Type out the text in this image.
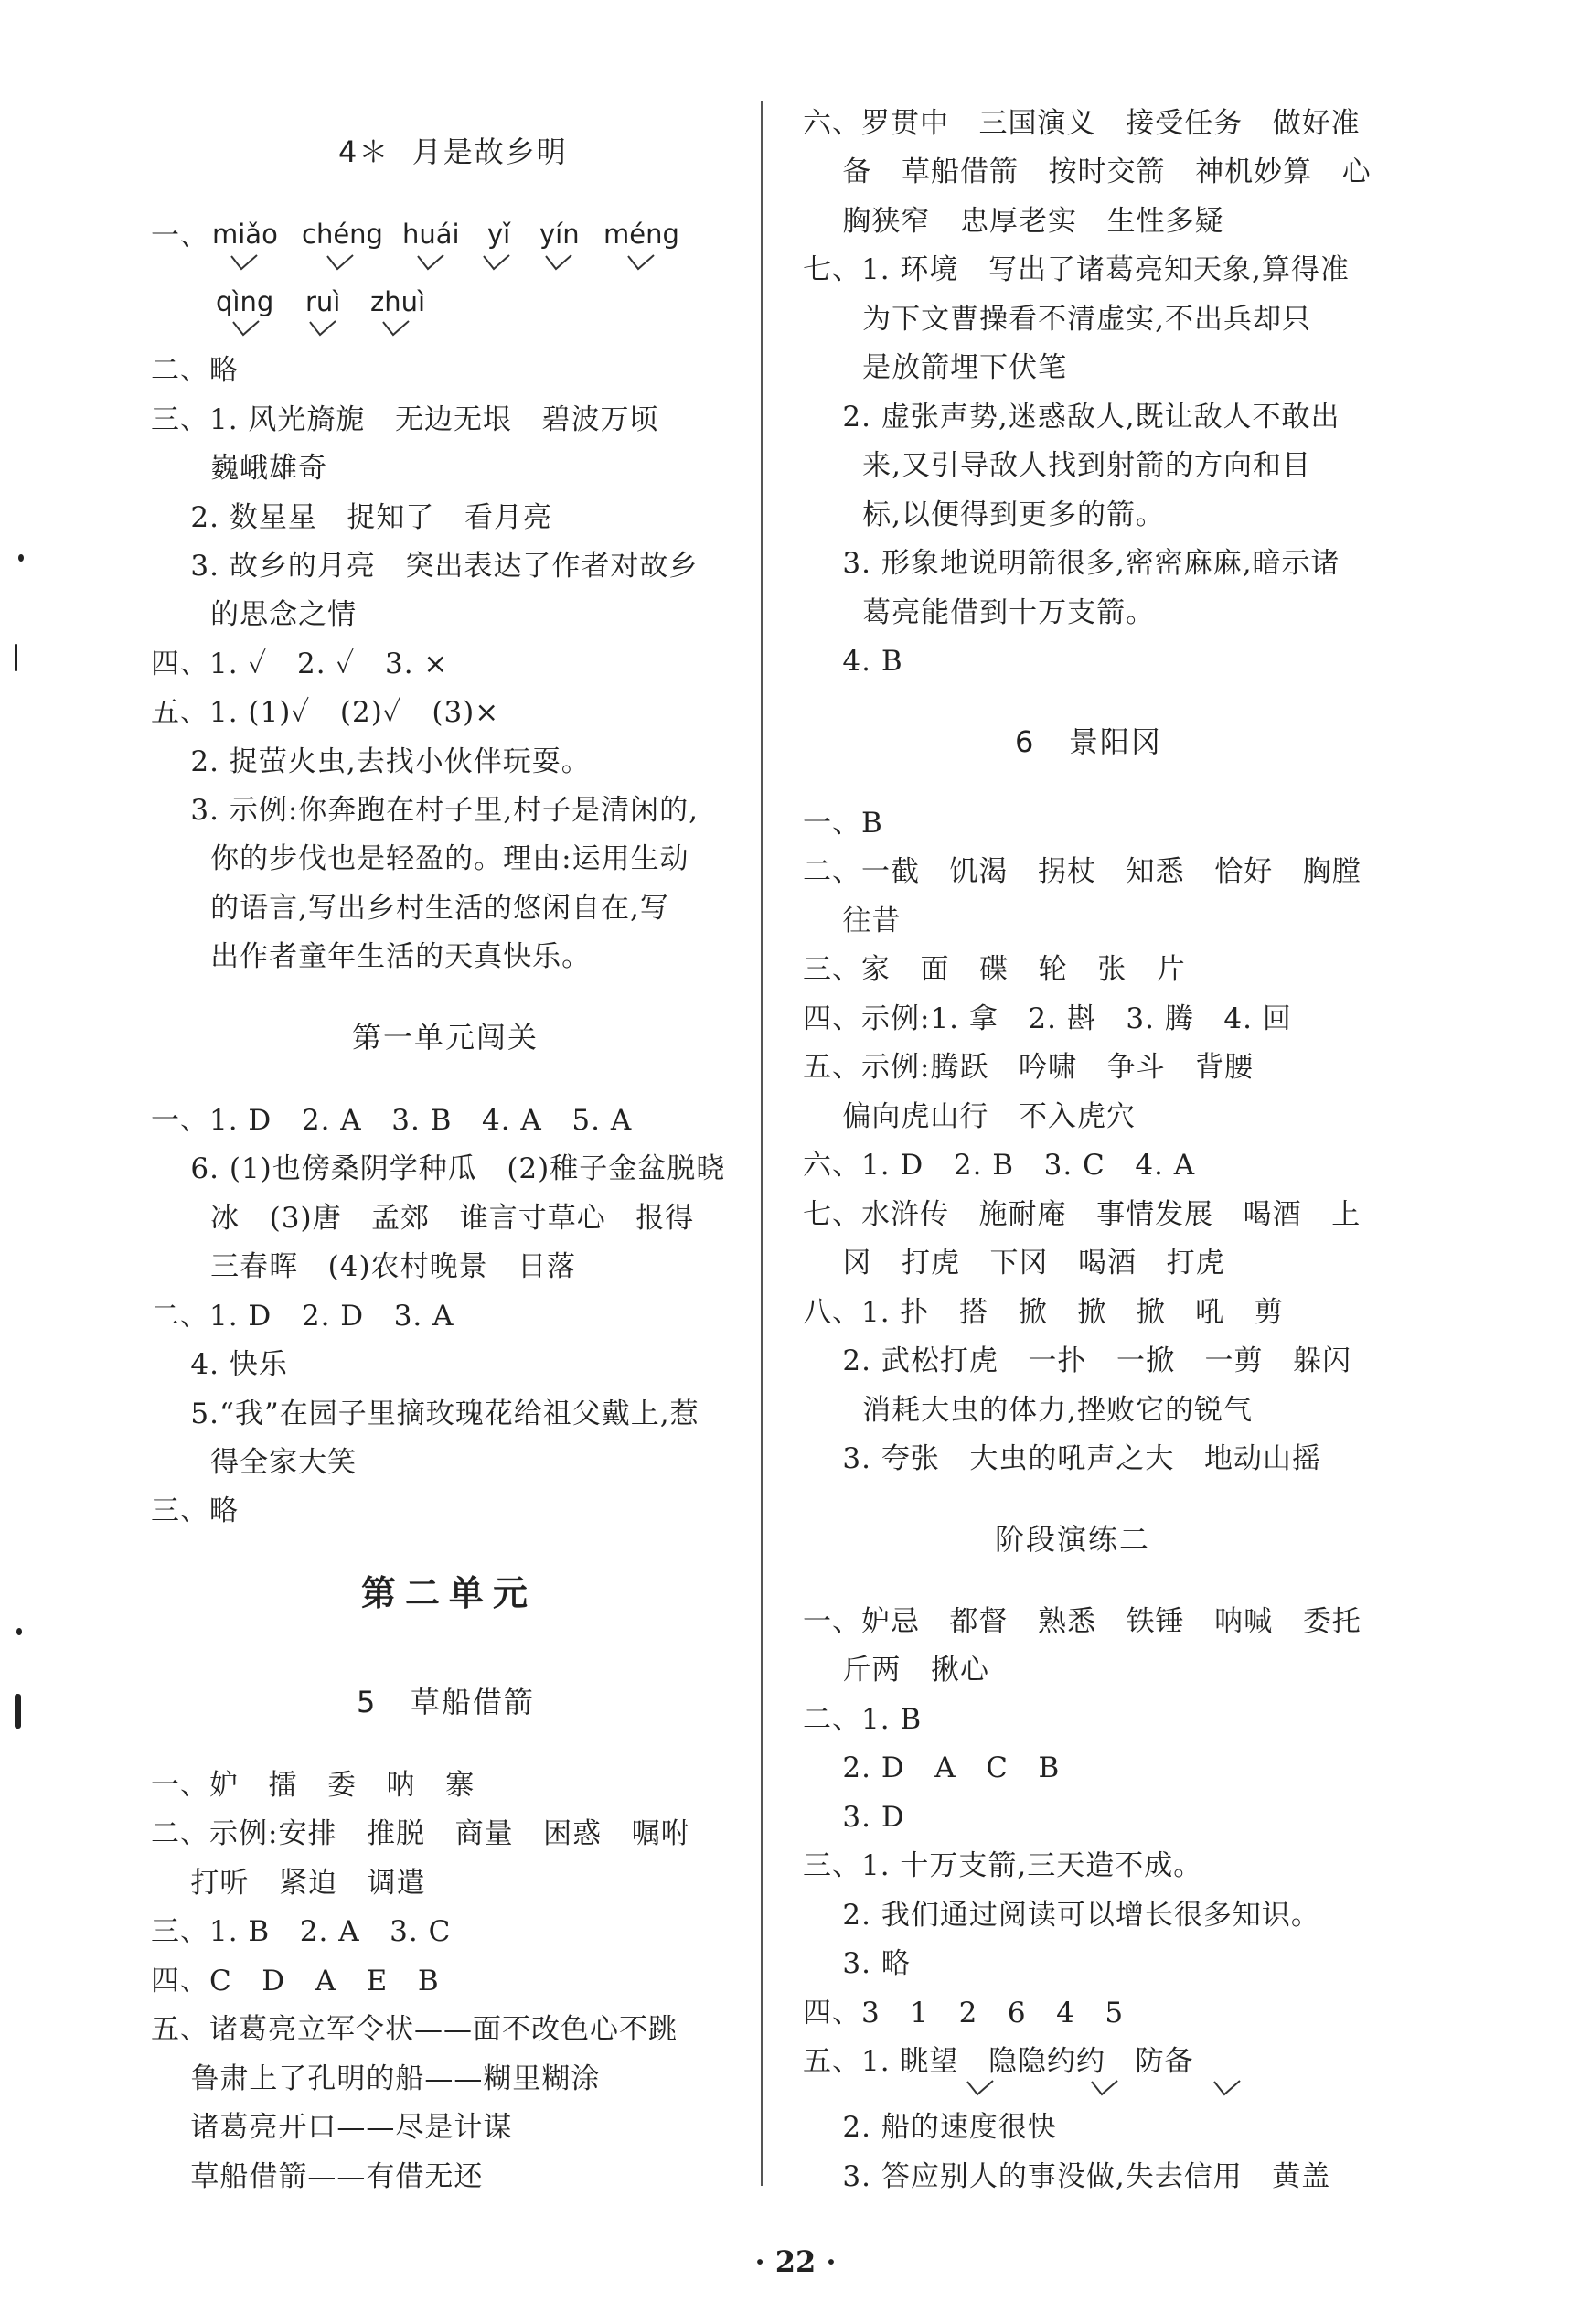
4＊  月是故乡明
一、 miǎo chéng huái yǐ yín méng
qìng ruì zhuì
二、略
三、1. 风光旖旎   无边无垠   碧波万顷
巍峨雄奇
2. 数星星   捉知了   看月亮
3. 故乡的月亮   突出表达了作者对故乡
的思念之情
四、1. ✓   2. ✓   3. ×
五、1. (1)✓   (2)✓   (3)×
2. 捉萤火虫,去找小伙伴玩耍。
3. 示例:你奔跑在村子里,村子是清闲的,
你的步伐也是轻盈的。理由:运用生动
的语言,写出乡村生活的悠闲自在,写
出作者童年生活的天真快乐。
第一单元闯关
一、1. D   2. A   3. B   4. A   5. A
6. (1)也傍桑阴学种瓜   (2)稚子金盆脱晓
冰   (3)唐   孟郊   谁言寸草心   报得
三春晖   (4)农村晚景   日落
二、1. D   2. D   3. A
4. 快乐
5.“我”在园子里摘玫瑰花给祖父戴上,惹
得全家大笑
三、略
第二单元
5   草船借箭
一、妒   擂   委   呐   寨
二、示例:安排   推脱   商量   困惑   嘱咐
打听   紧迫   调遣
三、1. B   2. A   3. C
四、C   D   A   E   B
五、诸葛亮立军令状——面不改色心不跳
鲁肃上了孔明的船——糊里糊涂
诸葛亮开口——尽是计谋
草船借箭——有借无还
六、罗贯中   三国演义   接受任务   做好准
备   草船借箭   按时交箭   神机妙算   心
胸狭窄   忠厚老实   生性多疑
七、1. 环境   写出了诸葛亮知天象,算得准
为下文曹操看不清虚实,不出兵却只
是放箭埋下伏笔
2. 虚张声势,迷惑敌人,既让敌人不敢出
来,又引导敌人找到射箭的方向和目
标,以便得到更多的箭。
3. 形象地说明箭很多,密密麻麻,暗示诸
葛亮能借到十万支箭。
4. B
6   景阳冈
一、B
二、一截   饥渴   拐杖   知悉   恰好   胸膛
往昔
三、家   面   碟   轮   张   片
四、示例:1. 拿   2. 斟   3. 腾   4. 回
五、示例:腾跃   吟啸   争斗   背腰
偏向虎山行   不入虎穴
六、1. D   2. B   3. C   4. A
七、水浒传   施耐庵   事情发展   喝酒   上
冈   打虎   下冈   喝酒   打虎
八、1. 扑   搭   掀   掀   掀   吼   剪
2. 武松打虎   一扑   一掀   一剪   躲闪
消耗大虫的体力,挫败它的锐气
3. 夸张   大虫的吼声之大   地动山摇
阶段演练二
一、妒忌   都督   熟悉   铁锤   呐喊   委托
斤两   揪心
二、1. B
2. D   A   C   B
3. D
三、1. 十万支箭,三天造不成。
2. 我们通过阅读可以增长很多知识。
3. 略
四、3   1   2   6   4   5
五、1. 眺望   隐隐约约   防备
2. 船的速度很快
3. 答应别人的事没做,失去信用   黄盖
· 22 ·
